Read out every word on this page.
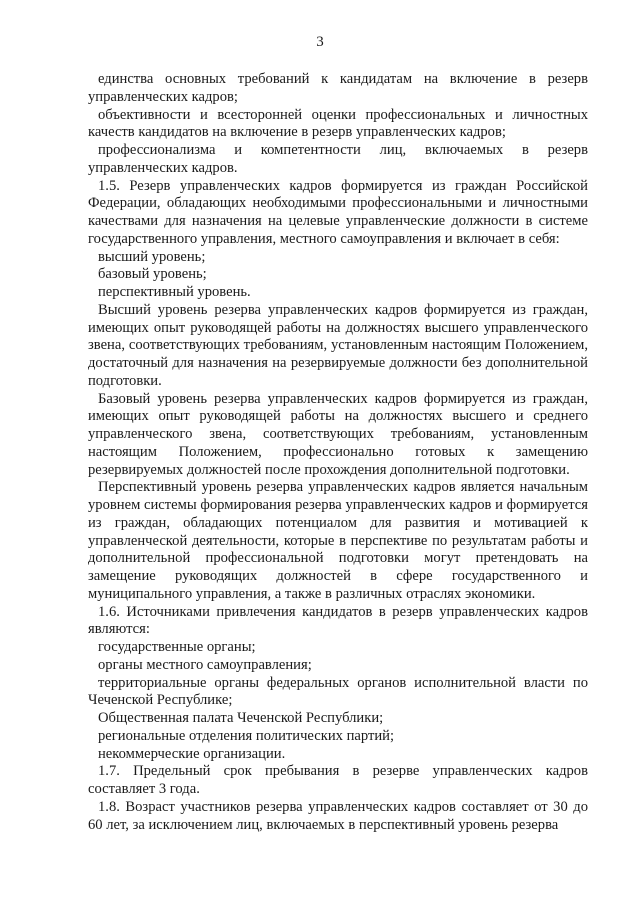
3

единства основных требований к кандидатам на включение в резерв управленческих кадров;

объективности и всесторонней оценки профессиональных и личностных качеств кандидатов на включение в резерв управленческих кадров;

профессионализма и компетентности лиц, включаемых в резерв управленческих кадров.

1.5. Резерв управленческих кадров формируется из граждан Российской Федерации, обладающих необходимыми профессиональными и личностными качествами для назначения на целевые управленческие должности в системе государственного управления, местного самоуправления и включает в себя:

высший уровень;

базовый уровень;

перспективный уровень.

Высший уровень резерва управленческих кадров формируется из граждан, имеющих опыт руководящей работы на должностях высшего управленческого звена, соответствующих требованиям, установленным настоящим Положением, достаточный для назначения на резервируемые должности без дополнительной подготовки.

Базовый уровень резерва управленческих кадров формируется из граждан, имеющих опыт руководящей работы на должностях высшего и среднего управленческого звена, соответствующих требованиям, установленным настоящим Положением, профессионально готовых к замещению резервируемых должностей после прохождения дополнительной подготовки.

Перспективный уровень резерва управленческих кадров является начальным уровнем системы формирования резерва управленческих кадров и формируется из граждан, обладающих потенциалом для развития и мотивацией к управленческой деятельности, которые в перспективе по результатам работы и дополнительной профессиональной подготовки могут претендовать на замещение руководящих должностей в сфере государственного и муниципального управления, а также в различных отраслях экономики.

1.6. Источниками привлечения кандидатов в резерв управленческих кадров являются:

государственные органы;

органы местного самоуправления;

территориальные органы федеральных органов исполнительной власти по Чеченской Республике;

Общественная палата Чеченской Республики;

региональные отделения политических партий;

некоммерческие организации.

1.7. Предельный срок пребывания в резерве управленческих кадров составляет 3 года.

1.8. Возраст участников резерва управленческих кадров составляет от 30 до 60 лет, за исключением лиц, включаемых в перспективный уровень резерва
